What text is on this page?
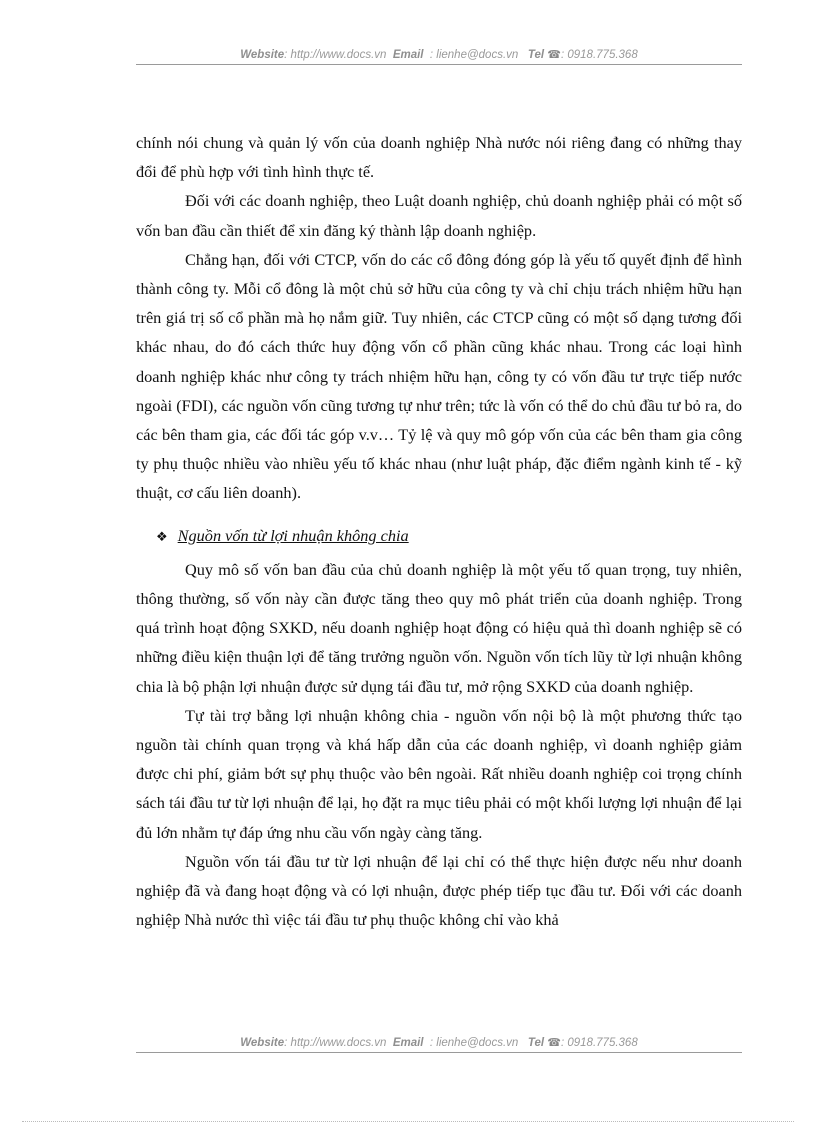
Website: http://www.docs.vn Email : lienhe@docs.vn Tel ☎: 0918.775.368

chính nói chung và quản lý vốn của doanh nghiệp Nhà nước nói riêng đang có những thay đổi để phù hợp với tình hình thực tế.

Đối với các doanh nghiệp, theo Luật doanh nghiệp, chủ doanh nghiệp phải có một số vốn ban đầu cần thiết để xin đăng ký thành lập doanh nghiệp.

Chẳng hạn, đối với CTCP, vốn do các cổ đông đóng góp là yếu tố quyết định để hình thành công ty. Mỗi cổ đông là một chủ sở hữu của công ty và chỉ chịu trách nhiệm hữu hạn trên giá trị số cổ phần mà họ nắm giữ. Tuy nhiên, các CTCP cũng có một số dạng tương đối khác nhau, do đó cách thức huy động vốn cổ phần cũng khác nhau. Trong các loại hình doanh nghiệp khác như công ty trách nhiệm hữu hạn, công ty có vốn đầu tư trực tiếp nước ngoài (FDI), các nguồn vốn cũng tương tự như trên; tức là vốn có thể do chủ đầu tư bỏ ra, do các bên tham gia, các đối tác góp v.v… Tỷ lệ và quy mô góp vốn của các bên tham gia công ty phụ thuộc nhiều vào nhiều yếu tố khác nhau (như luật pháp, đặc điểm ngành kinh tế - kỹ thuật, cơ cấu liên doanh).

❖ Nguồn vốn từ lợi nhuận không chia

Quy mô số vốn ban đầu của chủ doanh nghiệp là một yếu tố quan trọng, tuy nhiên, thông thường, số vốn này cần được tăng theo quy mô phát triển của doanh nghiệp. Trong quá trình hoạt động SXKD, nếu doanh nghiệp hoạt động có hiệu quả thì doanh nghiệp sẽ có những điều kiện thuận lợi để tăng trưởng nguồn vốn. Nguồn vốn tích lũy từ lợi nhuận không chia là bộ phận lợi nhuận được sử dụng tái đầu tư, mở rộng SXKD của doanh nghiệp.

Tự tài trợ bằng lợi nhuận không chia - nguồn vốn nội bộ là một phương thức tạo nguồn tài chính quan trọng và khá hấp dẫn của các doanh nghiệp, vì doanh nghiệp giảm được chi phí, giảm bớt sự phụ thuộc vào bên ngoài. Rất nhiều doanh nghiệp coi trọng chính sách tái đầu tư từ lợi nhuận để lại, họ đặt ra mục tiêu phải có một khối lượng lợi nhuận để lại đủ lớn nhằm tự đáp ứng nhu cầu vốn ngày càng tăng.

Nguồn vốn tái đầu tư từ lợi nhuận để lại chỉ có thể thực hiện được nếu như doanh nghiệp đã và đang hoạt động và có lợi nhuận, được phép tiếp tục đầu tư. Đối với các doanh nghiệp Nhà nước thì việc tái đầu tư phụ thuộc không chỉ vào khả

Website: http://www.docs.vn Email : lienhe@docs.vn Tel ☎: 0918.775.368
